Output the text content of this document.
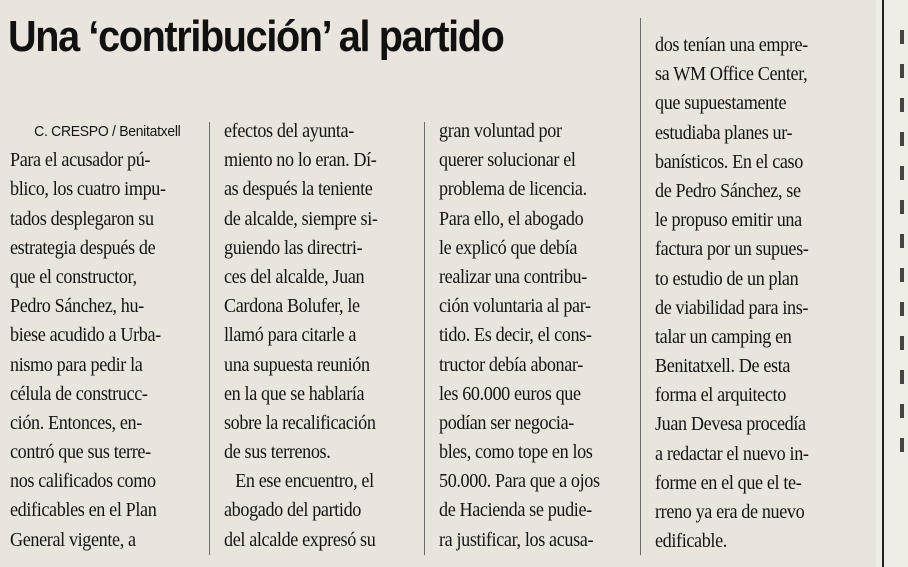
Una ‘contribución’ al partido
C. CRESPO / Benitatxell
Para el acusador pú-
blico, los cuatro impu-
tados desplegaron su
estrategia después de
que el constructor,
Pedro Sánchez, hu-
biese acudido a Urba-
nismo para pedir la
célula de construcc-
ción. Entonces, en-
contró que sus terre-
nos calificados como
edificables en el Plan
General vigente, a
efectos del ayunta-
miento no lo eran. Dí-
as después la teniente
de alcalde, siempre si-
guiendo las directri-
ces del alcalde, Juan
Cardona Bolufer, le
llamó para citarle a
una supuesta reunión
en la que se hablaría
sobre la recalificación
de sus terrenos.
En ese encuentro, el
abogado del partido
del alcalde expresó su
gran voluntad por
querer solucionar el
problema de licencia.
Para ello, el abogado
le explicó que debía
realizar una contribu-
ción voluntaria al par-
tido. Es decir, el cons-
tructor debía abonar-
les 60.000 euros que
podían ser negocia-
bles, como tope en los
50.000. Para que a ojos
de Hacienda se pudie-
ra justificar, los acusa-
dos tenían una empre-
sa WM Office Center,
que supuestamente
estudiaba planes ur-
banísticos. En el caso
de Pedro Sánchez, se
le propuso emitir una
factura por un supues-
to estudio de un plan
de viabilidad para ins-
talar un camping en
Benitatxell. De esta
forma el arquitecto
Juan Devesa procedía
a redactar el nuevo in-
forme en el que el te-
rreno ya era de nuevo
edificable.
